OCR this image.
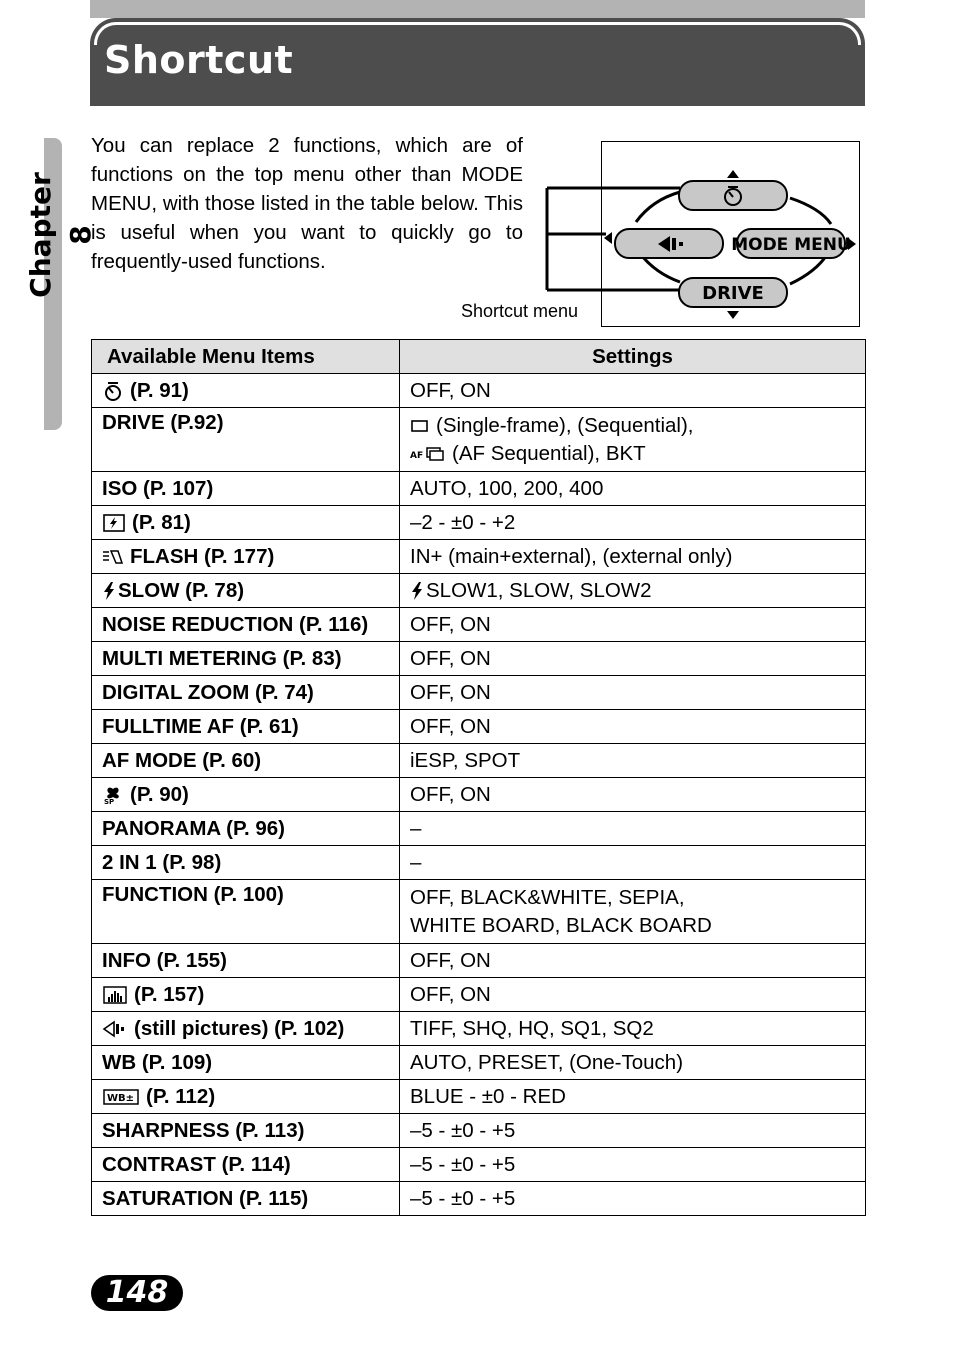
Shortcut
Chapter 8

You can replace 2 functions, which are of functions on the top menu other than MODE MENU, with those listed in the table below. This is useful when you want to quickly go to frequently-used functions.

MODE MENU
DRIVE
Shortcut menu
Available Menu Items	Settings
(P. 91)	OFF, ON
DRIVE (P.92)	(Single-frame), (Sequential),
AF (AF Sequential), BKT

ISO (P. 107)	AUTO, 100, 200, 400
(P. 81)	–2 - ±0 - +2
FLASH (P. 177)	IN+ (main+external), (external only)
SLOW (P. 78)	SLOW1, SLOW, SLOW2
NOISE REDUCTION (P. 116)	OFF, ON
MULTI METERING (P. 83)	OFF, ON
DIGITAL ZOOM (P. 74)	OFF, ON
FULLTIME AF (P. 61)	OFF, ON
AF MODE (P. 60)	iESP, SPOT

SP (P. 90)	OFF, ON
PANORAMA (P. 96)	–
2 IN 1 (P. 98)	–
FUNCTION (P. 100)	OFF, BLACK&WHITE, SEPIA,
WHITE BOARD, BLACK BOARD

INFO (P. 155)	OFF, ON
(P. 157)	OFF, ON
(still pictures) (P. 102)	TIFF, SHQ, HQ, SQ1, SQ2
WB (P. 109)	AUTO, PRESET, (One-Touch)

WB± (P. 112)	BLUE - ±0 - RED
SHARPNESS (P. 113)	–5 - ±0 - +5
CONTRAST (P. 114)	–5 - ±0 - +5
SATURATION (P. 115)	–5 - ±0 - +5
148
